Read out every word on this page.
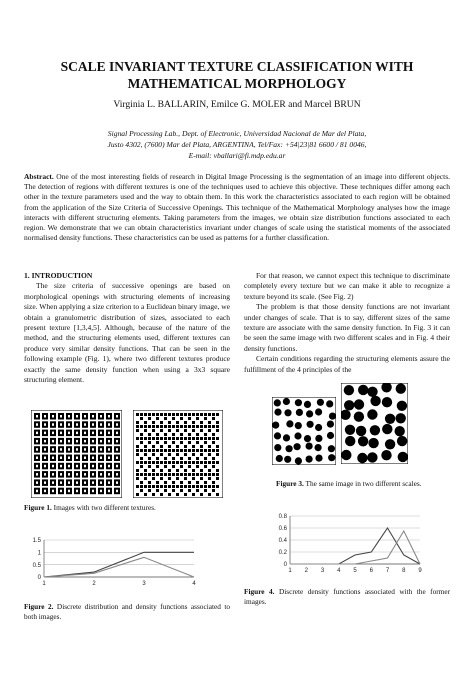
SCALE INVARIANT TEXTURE CLASSIFICATION WITH MATHEMATICAL MORPHOLOGY
Virginia L. BALLARIN, Emilce G. MOLER and Marcel BRUN
Signal Processing Lab., Dept. of Electronic, Universidad Nacional de Mar del Plata,
Justo 4302, (7600) Mar del Plata, ARGENTINA, Tel/Fax: +54|23|81 6600 / 81 0046,
E-mail: vballari@fi.mdp.edu.ar
Abstract. One of the most interesting fields of research in Digital Image Processing is the segmentation of an image into different objects. The detection of regions with different textures is one of the techniques used to achieve this objective. These techniques differ among each other in the texture parameters used and the way to obtain them. In this work the characteristics associated to each region will be obtained from the application of the Size Criteria of Successive Openings. This technique of the Mathematical Morphology analyses how the image interacts with different structuring elements. Taking parameters from the images, we obtain size distribution functions associated to each region. We demonstrate that we can obtain characteristics invariant under changes of scale using the statistical moments of the associated normalised density functions. These characteristics can be used as patterns for a further classification.

1. INTRODUCTION

The size criteria of successive openings are based on morphological openings with structuring elements of increasing size. When applying a size criterion to a Euclidean binary image, we obtain a granulometric distribution of sizes, associated to each present texture [1,3,4,5]. Although, because of the nature of the method, and the structuring elements used, different textures can produce very similar density functions. That can be seen in the following example (Fig. 1), where two different textures produce exactly the same density function when using a 3x3 square structuring element.

Figure 1. Images with two different textures.
0
0.5
1
1.5
1	2	3	4
Figure 2. Discrete distribution and density functions associated to both images.

For that reason, we cannot expect this technique to discriminate completely every texture but we can make it able to recognize a texture beyond its scale. (See Fig. 2)

The problem is that those density functions are not invariant under changes of scale. That is to say, different sizes of the same texture are associate with the same density function. In Fig. 3 it can be seen the same image with two different scales and in Fig. 4 their density functions.

Certain conditions regarding the structuring elements assure the fulfillment of the 4 principles of the

Figure 3. The same image in two different scales.
0
0.2
0.4
0.6
0.8
1 2 3 4 5 6 7 8 9
Figure 4. Discrete density functions associated with the former images.
